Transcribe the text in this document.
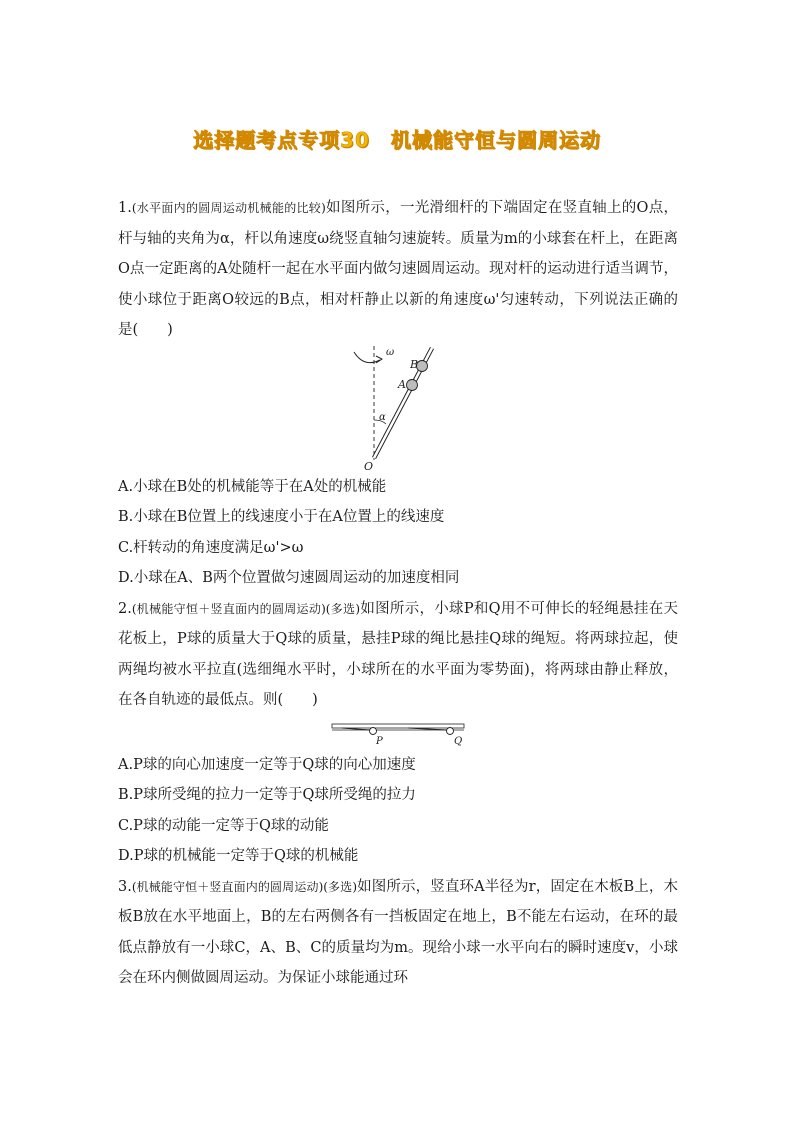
选择题考点专项30　机械能守恒与圆周运动

1.(水平面内的圆周运动机械能的比较)如图所示，一光滑细杆的下端固定在竖直轴上的O点，杆与轴的夹角为α，杆以角速度ω绕竖直轴匀速旋转。质量为m的小球套在杆上，在距离O点一定距离的A处随杆一起在水平面内做匀速圆周运动。现对杆的运动进行适当调节，使小球位于距离O较远的B点，相对杆静止以新的角速度ω'匀速转动，下列说法正确的是(　　)

ω
B
A
α
O

A.小球在B处的机械能等于在A处的机械能

B.小球在B位置上的线速度小于在A位置上的线速度

C.杆转动的角速度满足ω'>ω

D.小球在A、B两个位置做匀速圆周运动的加速度相同

2.(机械能守恒＋竖直面内的圆周运动)(多选)如图所示，小球P和Q用不可伸长的轻绳悬挂在天花板上，P球的质量大于Q球的质量，悬挂P球的绳比悬挂Q球的绳短。将两球拉起，使两绳均被水平拉直(选细绳水平时，小球所在的水平面为零势面)，将两球由静止释放，在各自轨迹的最低点。则(　　)

P	Q

A.P球的向心加速度一定等于Q球的向心加速度

B.P球所受绳的拉力一定等于Q球所受绳的拉力

C.P球的动能一定等于Q球的动能

D.P球的机械能一定等于Q球的机械能

3.(机械能守恒＋竖直面内的圆周运动)(多选)如图所示，竖直环A半径为r，固定在木板B上，木板B放在水平地面上，B的左右两侧各有一挡板固定在地上，B不能左右运动，在环的最低点静放有一小球C，A、B、C的质量均为m。现给小球一水平向右的瞬时速度v，小球会在环内侧做圆周运动。为保证小球能通过环
